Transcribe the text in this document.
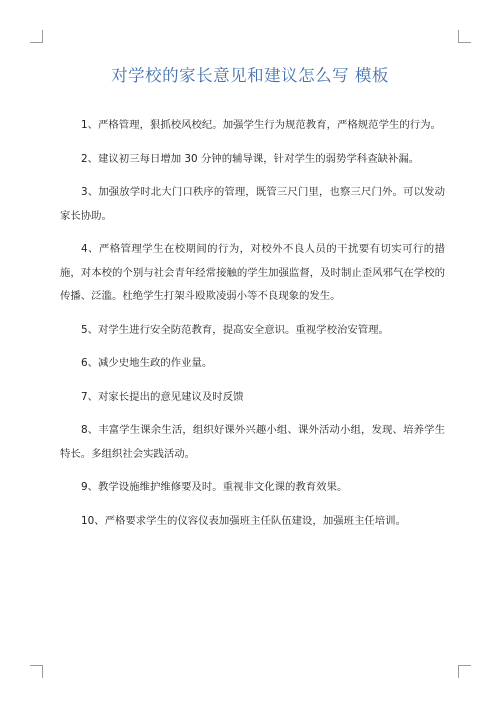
对学校的家长意见和建议怎么写 模板

1、严格管理，狠抓校风校纪。加强学生行为规范教育，严格规范学生的行为。

2、建议初三每日增加 30 分钟的辅导课，针对学生的弱势学科查缺补漏。

3、加强放学时北大门口秩序的管理，既管三尺门里，也察三尺门外。可以发动家长协助。

4、严格管理学生在校期间的行为，对校外不良人员的干扰要有切实可行的措施，对本校的个别与社会青年经常接触的学生加强监督，及时制止歪风邪气在学校的传播、泛滥。杜绝学生打架斗殴欺凌弱小等不良现象的发生。

5、对学生进行安全防范教育，提高安全意识。重视学校治安管理。

6、减少史地生政的作业量。

7、对家长提出的意见建议及时反馈

8、丰富学生课余生活，组织好课外兴趣小组、课外活动小组，发现、培养学生特长。多组织社会实践活动。

9、教学设施维护维修要及时。重视非文化课的教育效果。

10、严格要求学生的仪容仪表加强班主任队伍建设，加强班主任培训。
